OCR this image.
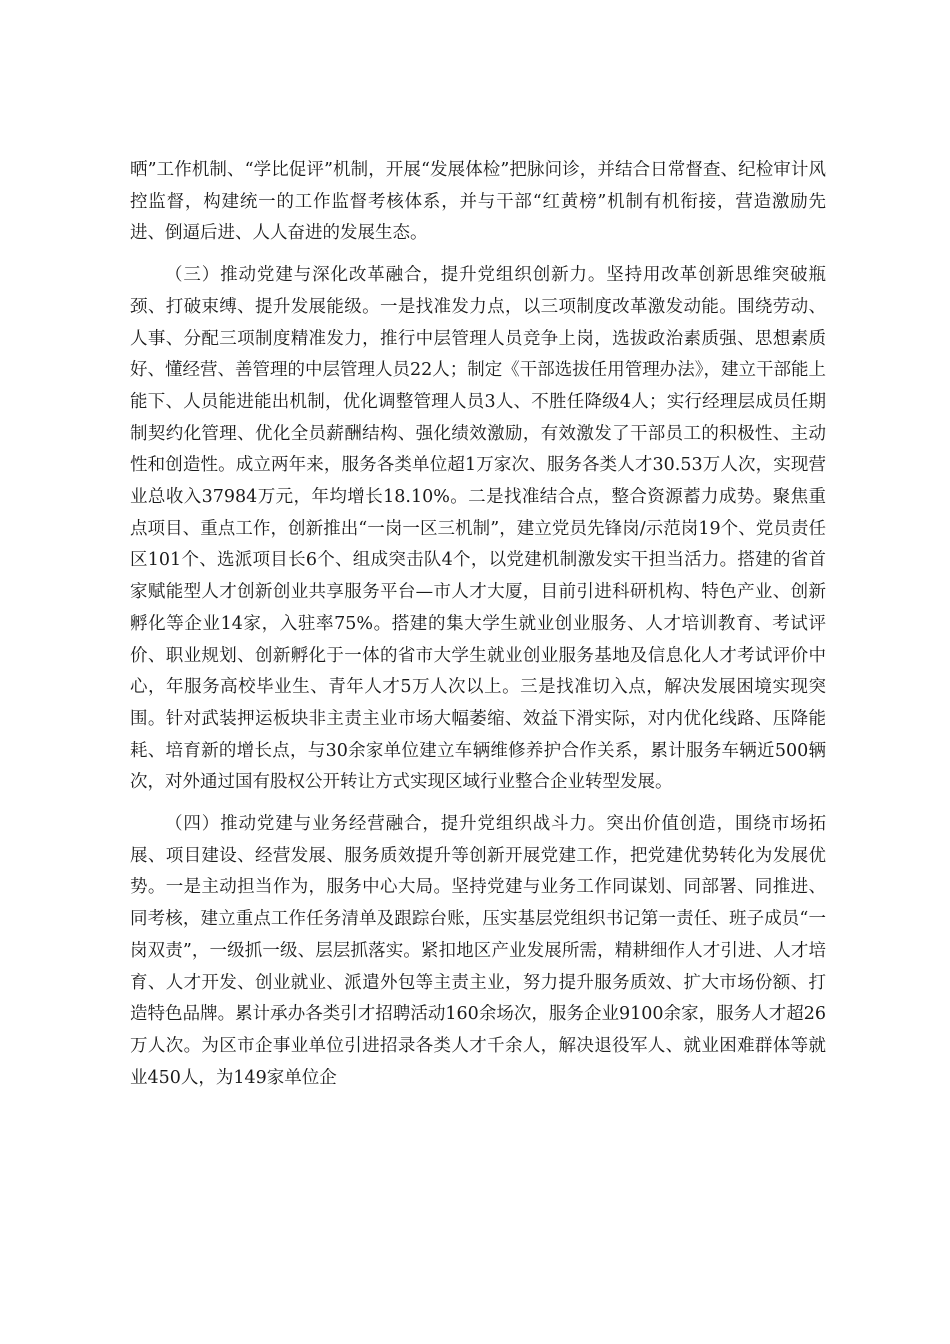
晒”工作机制、“学比促评”机制，开展“发展体检”把脉问诊，并结合日常督查、纪检审计风控监督，构建统一的工作监督考核体系，并与干部“红黄榜”机制有机衔接，营造激励先进、倒逼后进、人人奋进的发展生态。

（三）推动党建与深化改革融合，提升党组织创新力。坚持用改革创新思维突破瓶颈、打破束缚、提升发展能级。一是找准发力点，以三项制度改革激发动能。围绕劳动、人事、分配三项制度精准发力，推行中层管理人员竞争上岗，选拔政治素质强、思想素质好、懂经营、善管理的中层管理人员22人；制定《干部选拔任用管理办法》，建立干部能上能下、人员能进能出机制，优化调整管理人员3人、不胜任降级4人；实行经理层成员任期制契约化管理、优化全员薪酬结构、强化绩效激励，有效激发了干部员工的积极性、主动性和创造性。成立两年来，服务各类单位超1万家次、服务各类人才30.53万人次，实现营业总收入37984万元，年均增长18.10%。二是找准结合点，整合资源蓄力成势。聚焦重点项目、重点工作，创新推出“一岗一区三机制”，建立党员先锋岗/示范岗19个、党员责任区101个、选派项目长6个、组成突击队4个，以党建机制激发实干担当活力。搭建的省首家赋能型人才创新创业共享服务平台—市人才大厦，目前引进科研机构、特色产业、创新孵化等企业14家，入驻率75%。搭建的集大学生就业创业服务、人才培训教育、考试评价、职业规划、创新孵化于一体的省市大学生就业创业服务基地及信息化人才考试评价中心，年服务高校毕业生、青年人才5万人次以上。三是找准切入点，解决发展困境实现突围。针对武装押运板块非主责主业市场大幅萎缩、效益下滑实际，对内优化线路、压降能耗、培育新的增长点，与30余家单位建立车辆维修养护合作关系，累计服务车辆近500辆次，对外通过国有股权公开转让方式实现区域行业整合企业转型发展。

（四）推动党建与业务经营融合，提升党组织战斗力。突出价值创造，围绕市场拓展、项目建设、经营发展、服务质效提升等创新开展党建工作，把党建优势转化为发展优势。一是主动担当作为，服务中心大局。坚持党建与业务工作同谋划、同部署、同推进、同考核，建立重点工作任务清单及跟踪台账，压实基层党组织书记第一责任、班子成员“一岗双责”，一级抓一级、层层抓落实。紧扣地区产业发展所需，精耕细作人才引进、人才培育、人才开发、创业就业、派遣外包等主责主业，努力提升服务质效、扩大市场份额、打造特色品牌。累计承办各类引才招聘活动160余场次，服务企业9100余家，服务人才超26万人次。为区市企事业单位引进招录各类人才千余人，解决退役军人、就业困难群体等就业450人，为149家单位企
